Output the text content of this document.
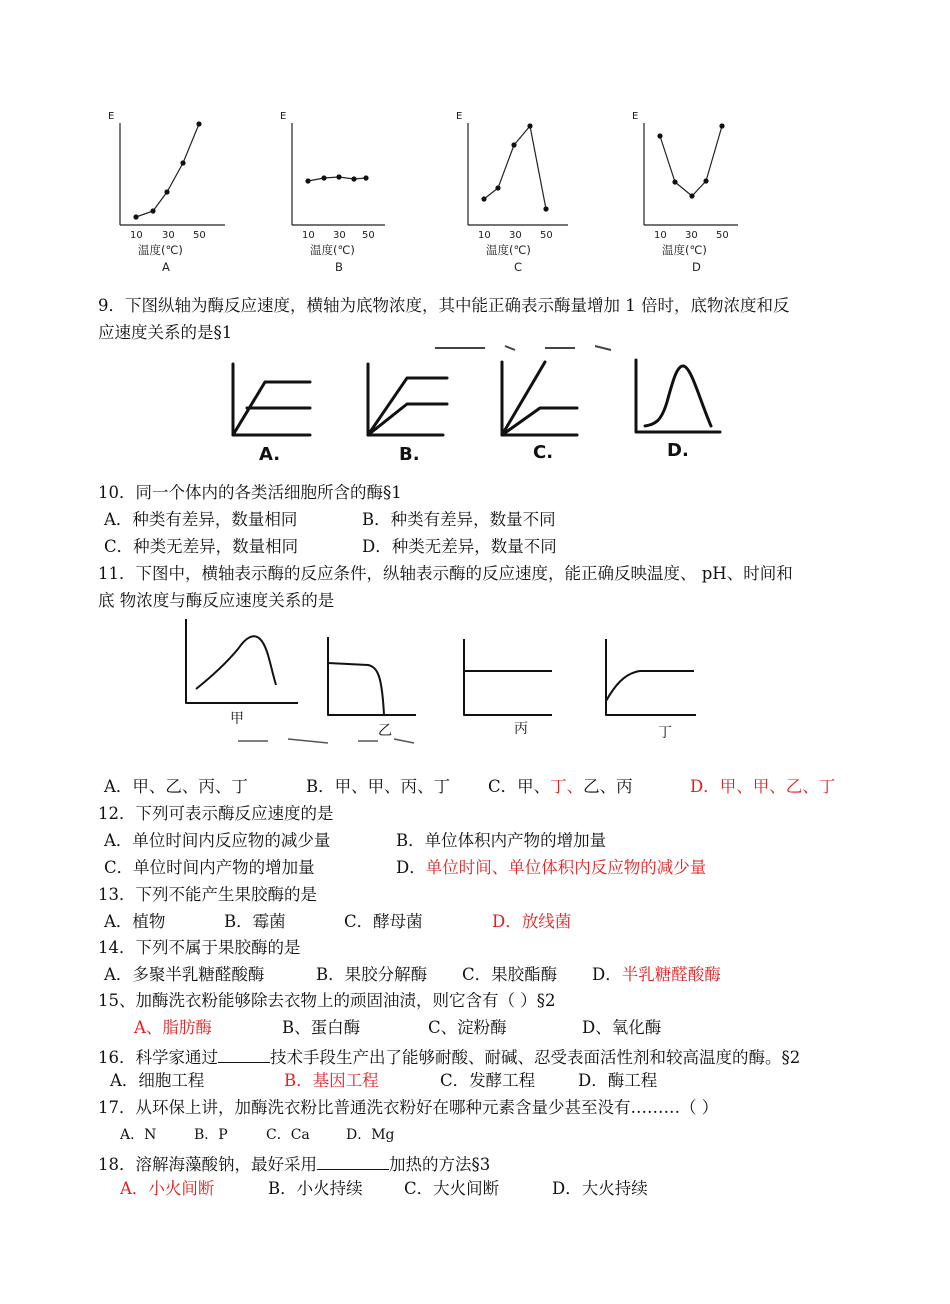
E	E	E	E
10 30 50	10 30 50	10 30 50	10 30 50
温度(℃)	温度(℃)	温度(℃)	温度(℃)
A	B	C	D
9．下图纵轴为酶反应速度，横轴为底物浓度，其中能正确表示酶量增加 1 倍时，底物浓度和反
应速度关系的是§1
A.	B.	C.	D.
10．同一个体内的各类活细胞所含的酶§1
A．种类有差异，数量相同	B．种类有差异，数量不同
C．种类无差异，数量相同	D．种类无差异，数量不同
11．下图中，横轴表示酶的反应条件，纵轴表示酶的反应速度，能正确反映温度、 pH、时间和
底 物浓度与酶反应速度关系的是
甲
乙	丙	丁
A．甲、乙、丙、丁	B．甲、甲、丙、丁 C．甲、丁、乙、丙	D．甲、甲、乙、丁
12．下列可表示酶反应速度的是
A．单位时间内反应物的减少量	B．单位体积内产物的增加量
C．单位时间内产物的增加量	D．单位时间、单位体积内反应物的减少量
13．下列不能产生果胶酶的是
A．植物	B．霉菌	C．酵母菌	D．放线菌
14．下列不属于果胶酶的是
A．多聚半乳糖醛酸酶	B．果胶分解酶 C．果胶酯酶 D．半乳糖醛酸酶
15、加酶洗衣粉能够除去衣物上的顽固油渍，则它含有（ ）§2
A、脂肪酶	B、蛋白酶	C、淀粉酶	D、氧化酶
16．科学家通过	技术手段生产出了能够耐酸、耐碱、忍受表面活性剂和较高温度的酶。§2
A．细胞工程	B．基因工程	C．发酵工程	D．酶工程
17．从环保上讲，加酶洗衣粉比普通洗衣粉好在哪种元素含量少甚至没有………（ ）
A．N	B．P	C．Ca	D．Mg
18．溶解海藻酸钠，最好采用	加热的方法§3
A．小火间断	B．小火持续	C．大火间断	D．大火持续
